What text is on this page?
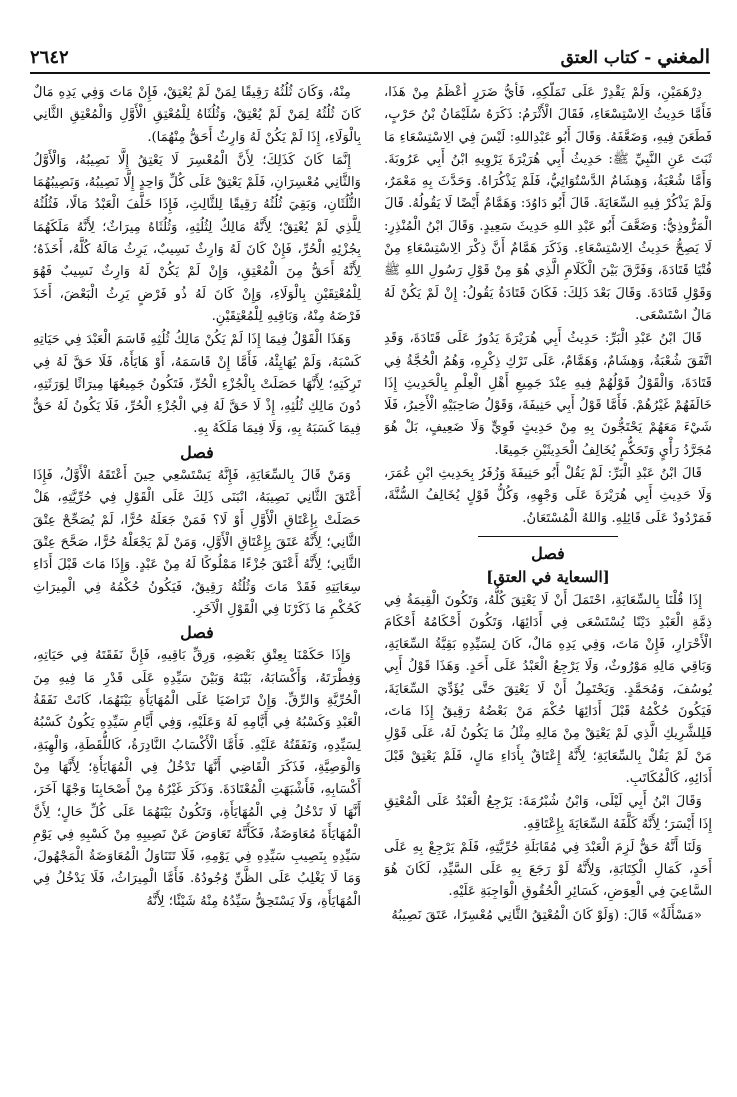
المغني - كتاب العتق
٢٦٤٢

دِرْهَمَيْنِ، وَلَمْ يَقْدِرْ عَلَى تَمَلُّكِهِ، فَأَيُّ ضَرَرٍ أَعْظَمُ مِنْ هَذَا، فَأَمَّا حَدِيثُ الِاسْتِسْعَاءِ، فَقَالَ الْأَثْرَمُ: ذَكَرَهُ سُلَيْمَانُ بْنُ حَرْبٍ، فَطَعَنَ فِيهِ، وَضَعَّفَهُ. وَقَالَ أَبُو عَبْدِاللهِ: لَيْسَ فِي الِاسْتِسْعَاءِ مَا ثَبَتَ عَنِ النَّبِيِّ ﷺ: حَدِيثُ أَبِي هُرَيْرَةَ يَرْوِيهِ ابْنُ أَبِي عَرُوبَةَ. وَأَمَّا شُعْبَةُ، وَهِشَامٌ الدَّسْتُوَائِيُّ، فَلَمْ يَذْكُرَاهُ. وَحَدَّثَ بِهِ مَعْمَرٌ، وَلَمْ يَذْكُرْ فِيهِ السِّعَايَةَ. قَالَ أَبُو دَاوُدَ: وَهَمَّامٌ أَيْضًا لَا يَقُولُهُ. قَالَ الْمَرُّوذِيُّ: وَضَعَّفَ أَبُو عَبْدِ اللهِ حَدِيثَ سَعِيدٍ. وَقَالَ ابْنُ الْمُنْذِرِ: لَا يَصِحُّ حَدِيثُ الِاسْتِسْعَاءِ. وَذَكَرَ هَمَّامٌ أَنَّ ذِكْرَ الِاسْتِسْعَاءِ مِنْ فُتْيَا قَتَادَةَ، وَفَرَّقَ بَيْنَ الْكَلَامِ الَّذِي هُوَ مِنْ قَوْلِ رَسُولِ اللهِ ﷺ وَقَوْلِ قَتَادَةَ. وَقَالَ بَعْدَ ذَلِكَ: فَكَانَ قَتَادَةُ يَقُولُ: إِنْ لَمْ يَكُنْ لَهُ مَالٌ اسْتَسْعَى.

قَالَ ابْنُ عَبْدِ الْبَرِّ: حَدِيثُ أَبِي هُرَيْرَةَ يَدُورُ عَلَى قَتَادَةَ، وَقَدِ اتَّفَقَ شُعْبَةُ، وَهِشَامٌ، وَهَمَّامٌ، عَلَى تَرْكِ ذِكْرِهِ، وَهُمُ الْحُجَّةُ فِي قَتَادَةَ، وَالْقَوْلُ قَوْلُهُمْ فِيهِ عِنْدَ جَمِيعِ أَهْلِ الْعِلْمِ بِالْحَدِيثِ إِذَا خَالَفَهُمْ غَيْرُهُمْ. فَأَمَّا قَوْلُ أَبِي حَنِيفَةَ، وَقَوْلُ صَاحِبَيْهِ الْأَخِيرُ، فَلَا شَيْءَ مَعَهُمْ يَحْتَجُّونَ بِهِ مِنْ حَدِيثٍ قَوِيٍّ وَلَا ضَعِيفٍ، بَلْ هُوَ مُجَرَّدُ رَأْيٍ وَتَحَكُّمٍ يُخَالِفُ الْحَدِيثَيْنِ جَمِيعًا.

قَالَ ابْنُ عَبْدِ الْبَرِّ: لَمْ يَقُلْ أَبُو حَنِيفَةَ وَزُفَرُ بِحَدِيثِ ابْنِ عُمَرَ، وَلَا حَدِيثِ أَبِي هُرَيْرَةَ عَلَى وَجْهِهِ، وَكُلُّ قَوْلٍ يُخَالِفُ السُّنَّةَ، فَمَرْدُودٌ عَلَى قَائِلِهِ. وَاللهُ الْمُسْتَعَانُ.

فصل

[السعاية في العتق]

إِذَا قُلْنَا بِالسِّعَايَةِ، احْتَمَلَ أَنْ لَا يَعْتِقَ كُلُّهُ، وَتَكُونَ الْقِيمَةُ فِي ذِمَّةِ الْعَبْدِ دَيْنًا يُسْتَسْعَى فِي أَدَائِهَا، وَتَكُونَ أَحْكَامُهُ أَحْكَامَ الْأَحْرَارِ، فَإِنْ مَاتَ، وَفِي يَدِهِ مَالٌ، كَانَ لِسَيِّدِهِ بَقِيَّةُ السِّعَايَةِ، وَبَاقِي مَالِهِ مَوْرُوثٌ، وَلَا يَرْجِعُ الْعَبْدُ عَلَى أَحَدٍ. وَهَذَا قَوْلُ أَبِي يُوسُفَ، وَمُحَمَّدٍ. وَيَحْتَمِلُ أَنْ لَا يَعْتِقَ حَتَّى يُؤَدِّيَ السِّعَايَةَ، فَيَكُونَ حُكْمُهُ قَبْلَ أَدَائِهَا حُكْمَ مَنْ بَعْضُهُ رَقِيقٌ إِذَا مَاتَ، فَلِلشَّرِيكِ الَّذِي لَمْ يَعْتِقْ مِنْ مَالِهِ مِثْلُ مَا يَكُونُ لَهُ، عَلَى قَوْلِ مَنْ لَمْ يَقُلْ بِالسِّعَايَةِ؛ لِأَنَّهُ إِعْتَاقٌ بِأَدَاءِ مَالٍ، فَلَمْ يَعْتِقْ قَبْلَ أَدَائِهِ، كَالْمُكَاتَبِ.

وَقَالَ ابْنُ أَبِي لَيْلَى، وَابْنُ شُبْرُمَةَ: يَرْجِعُ الْعَبْدُ عَلَى الْمُعْتِقِ إِذَا أَيْسَرَ؛ لِأَنَّهُ كَلَّفَهُ السِّعَايَةَ بِإِعْتَاقِهِ.

وَلَنَا أَنَّهُ حَقٌّ لَزِمَ الْعَبْدَ فِي مُقَابَلَةِ حُرِّيَّتِهِ، فَلَمْ يَرْجِعْ بِهِ عَلَى أَحَدٍ، كَمَالِ الْكِتَابَةِ، وَلِأَنَّهُ لَوْ رَجَعَ بِهِ عَلَى السَّيِّدِ، لَكَانَ هُوَ السَّاعِيَ فِي الْعِوَضِ، كَسَائِرِ الْحُقُوقِ الْوَاجِبَةِ عَلَيْهِ.

«مَسْأَلَةٌ» قَالَ: (وَلَوْ كَانَ الْمُعْتِقُ الثَّانِي مُعْسِرًا، عَتَقَ نَصِيبُهُ

مِنْهُ، وَكَانَ ثُلُثُهُ رَقِيقًا لِمَنْ لَمْ يُعْتِقْ، فَإِنْ مَاتَ وَفِي يَدِهِ مَالٌ كَانَ ثُلُثُهُ لِمَنْ لَمْ يُعْتِقْ، وَثُلُثَاهُ لِلْمُعْتِقِ الْأَوَّلِ وَالْمُعْتِقِ الثَّانِي بِالْوَلَاءِ، إِذَا لَمْ يَكُنْ لَهُ وَارِثٌ أَحَقُّ مِنْهُمَا).

إِنَّمَا كَانَ كَذَلِكَ؛ لِأَنَّ الْمُعْسِرَ لَا يَعْتِقُ إِلَّا نَصِيبُهُ، وَالْأَوَّلُ وَالثَّانِي مُعْسِرَانِ، فَلَمْ يَعْتِقْ عَلَى كُلِّ وَاحِدٍ إِلَّا نَصِيبُهُ، وَنَصِيبُهُمَا الثُّلُثَانِ، وَبَقِيَ ثُلُثُهُ رَقِيقًا لِلثَّالِثِ، فَإِذَا خَلَّفَ الْعَبْدُ مَالًا، فَثُلُثُهُ لِلَّذِي لَمْ يُعْتِقْ؛ لِأَنَّهُ مَالِكٌ لِثُلُثِهِ، وَثُلُثَاهُ مِيرَاثٌ؛ لِأَنَّهُ مَلَكَهُمَا بِجُزْئِهِ الْحُرِّ، فَإِنْ كَانَ لَهُ وَارِثٌ نَسِيبٌ، يَرِثُ مَالَهُ كُلَّهُ، أَخَذَهُ؛ لِأَنَّهُ أَحَقُّ مِنَ الْمُعْتِقِ، وَإِنْ لَمْ يَكُنْ لَهُ وَارِثٌ نَسِيبٌ فَهُوَ لِلْمُعْتِقَيْنِ بِالْوَلَاءِ، وَإِنْ كَانَ لَهُ ذُو فَرْضٍ يَرِثُ الْبَعْضَ، أَخَذَ فَرْضَهُ مِنْهُ، وَبَاقِيهِ لِلْمُعْتِقَيْنِ.

وَهَذَا الْقَوْلُ فِيمَا إِذَا لَمْ يَكُنْ مَالِكُ ثُلُثِهِ قَاسَمَ الْعَبْدَ فِي حَيَاتِهِ كَسْبَهُ، وَلَمْ يُهَايِئْهُ، فَأَمَّا إِنْ قَاسَمَهُ، أَوْ هَايَأَهُ، فَلَا حَقَّ لَهُ فِي تَرِكَتِهِ؛ لِأَنَّهَا حَصَلَتْ بِالْجُزْءِ الْحُرِّ، فَتَكُونُ جَمِيعُهَا مِيرَاثًا لِوَرَثَتِهِ، دُونَ مَالِكِ ثُلُثِهِ، إِذْ لَا حَقَّ لَهُ فِي الْجُزْءِ الْحُرِّ، فَلَا يَكُونُ لَهُ حَقٌّ فِيمَا كَسَبَهُ بِهِ، وَلَا فِيمَا مَلَكَهُ بِهِ.

فصل

وَمَنْ قَالَ بِالسِّعَايَةِ، فَإِنَّهُ يَسْتَسْعِي حِينَ أَعْتَقَهُ الْأَوَّلُ، فَإِذَا أَعْتَقَ الثَّانِي نَصِيبَهُ، انْبَنَى ذَلِكَ عَلَى الْقَوْلِ فِي حُرِّيَّتِهِ، هَلْ حَصَلَتْ بِإِعْتَاقِ الْأَوَّلِ أَوْ لَا؟ فَمَنْ جَعَلَهُ حُرًّا، لَمْ يُصَحِّحْ عِتْقَ الثَّانِي؛ لِأَنَّهُ عَتَقَ بِإِعْتَاقِ الْأَوَّلِ، وَمَنْ لَمْ يَجْعَلْهُ حُرًّا، صَحَّحَ عِتْقَ الثَّانِي؛ لِأَنَّهُ أَعْتَقَ جُزْءًا مَمْلُوكًا لَهُ مِنْ عَبْدٍ. وَإِذَا مَاتَ قَبْلَ أَدَاءِ سِعَايَتِهِ فَقَدْ مَاتَ وَثُلُثُهُ رَقِيقٌ، فَيَكُونُ حُكْمُهُ فِي الْمِيرَاثِ كَحُكْمِ مَا ذَكَرْنَا فِي الْقَوْلِ الْآخَرِ.

فصل

وَإِذَا حَكَمْنَا بِعِتْقِ بَعْضِهِ، وَرِقِّ بَاقِيهِ، فَإِنَّ نَفَقَتَهُ فِي حَيَاتِهِ، وَفِطْرَتَهُ، وَأَكْسَابَهُ، بَيْنَهُ وَبَيْنَ سَيِّدِهِ عَلَى قَدْرِ مَا فِيهِ مِنَ الْحُرِّيَّةِ وَالرِّقِّ. وَإِنْ تَرَاضَيَا عَلَى الْمُهَايَأَةِ بَيْنَهُمَا، كَانَتْ نَفَقَةُ الْعَبْدِ وَكَسْبُهُ فِي أَيَّامِهِ لَهُ وَعَلَيْهِ، وَفِي أَيَّامِ سَيِّدِهِ يَكُونُ كَسْبُهُ لِسَيِّدِهِ، وَنَفَقَتُهُ عَلَيْهِ. فَأَمَّا الْأَكْسَابُ النَّادِرَةُ، كَاللُّقَطَةِ، وَالْهِبَةِ، وَالْوَصِيَّةِ، فَذَكَرَ الْقَاضِي أَنَّهَا تَدْخُلُ فِي الْمُهَايَأَةِ؛ لِأَنَّهَا مِنْ أَكْسَابِهِ، فَأَشْبَهَتِ الْمُعْتَادَةَ. وَذَكَرَ غَيْرُهُ مِنْ أَصْحَابِنَا وَجْهًا آخَرَ، أَنَّهَا لَا تَدْخُلُ فِي الْمُهَايَأَةِ، وَتَكُونُ بَيْنَهُمَا عَلَى كُلِّ حَالٍ؛ لِأَنَّ الْمُهَايَأَةَ مُعَاوَضَةٌ، فَكَأَنَّهُ تَعَاوَضَ عَنْ نَصِيبِهِ مِنْ كَسْبِهِ فِي يَوْمِ سَيِّدِهِ بِنَصِيبِ سَيِّدِهِ فِي يَوْمِهِ، فَلَا تَتَنَاوَلُ الْمُعَاوَضَةُ الْمَجْهُولَ، وَمَا لَا يَغْلِبُ عَلَى الظَّنِّ وُجُودُهُ. فَأَمَّا الْمِيرَاثُ، فَلَا يَدْخُلُ فِي الْمُهَايَأَةِ، وَلَا يَسْتَحِقُّ سَيِّدُهُ مِنْهُ شَيْئًا؛ لِأَنَّهُ
